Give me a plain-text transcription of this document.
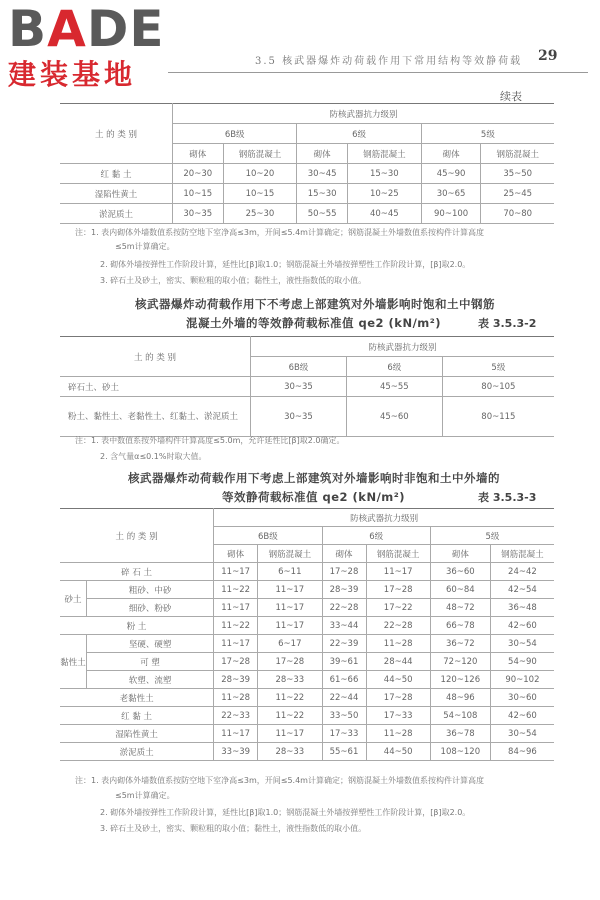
BADE
建装基地	3.5 核武器爆炸动荷载作用下常用结构等效静荷载 29
续表
土 的 类 别	防核武器抗力级别					
	6B级		6级		5级	
	砌体	钢筋混凝土	砌体	钢筋混凝土	砌体	钢筋混凝土
红 黏 土	20~30	10~20	30~45	15~30	45~90	35~50
湿陷性黄土	10~15	10~15	15~30	10~25	30~65	25~45
淤泥质土	30~35	25~30	50~55	40~45	90~100	70~80
注：1. 表内砌体外墙数值系按防空地下室净高≤3m，开间≤5.4m计算确定；钢筋混凝土外墙数值系按构件计算高度
≤5m计算确定。
2. 砌体外墙按弹性工作阶段计算，延性比[β]取1.0；钢筋混凝土外墙按弹塑性工作阶段计算，[β]取2.0。
3. 碎石土及砂土，密实、颗粒粗的取小值；黏性土，液性指数低的取小值。
核武器爆炸动荷载作用下不考虑上部建筑对外墙影响时饱和土中钢筋
混凝土外墙的等效静荷载标准值 qe2 (kN/m²)	表 3.5.3-2
土 的 类 别	防核武器抗力级别		
	6B级	6级	5级
碎石土、砂土	30~35	45~55	80~105
粉土、黏性土、老黏性土、红黏土、淤泥质土	30~35	45~60	80~115
注：1. 表中数值系按外墙构件计算高度≤5.0m，允许延性比[β]取2.0确定。
2. 含气量α≤0.1%时取大值。
核武器爆炸动荷载作用下考虑上部建筑对外墙影响时非饱和土中外墙的
等效静荷载标准值 qe2 (kN/m²)	表 3.5.3-3
土 的 类 别		防核武器抗力级别					
		6B级		6级		5级	
		砌体	钢筋混凝土	砌体	钢筋混凝土	砌体	钢筋混凝土
碎 石 土		11~17	6~11	17~28	11~17	36~60	24~42
砂土	粗砂、中砂	11~22	11~17	28~39	17~28	60~84	42~54
	细砂、粉砂	11~17	11~17	22~28	17~22	48~72	36~48
粉 土		11~22	11~17	33~44	22~28	66~78	42~60
黏性土	坚硬、硬塑	11~17	6~17	22~39	11~28	36~72	30~54
	可 塑	17~28	17~28	39~61	28~44	72~120	54~90
	软塑、流塑	28~39	28~33	61~66	44~50	120~126	90~102
老黏性土		11~28	11~22	22~44	17~28	48~96	30~60
红 黏 土		22~33	11~22	33~50	17~33	54~108	42~60
湿陷性黄土		11~17	11~17	17~33	11~28	36~78	30~54
淤泥质土		33~39	28~33	55~61	44~50	108~120	84~96
注：1. 表内砌体外墙数值系按防空地下室净高≤3m，开间≤5.4m计算确定；钢筋混凝土外墙数值系按构件计算高度
≤5m计算确定。
2. 砌体外墙按弹性工作阶段计算，延性比[β]取1.0；钢筋混凝土外墙按弹塑性工作阶段计算，[β]取2.0。
3. 碎石土及砂土，密实、颗粒粗的取小值；黏性土，液性指数低的取小值。
